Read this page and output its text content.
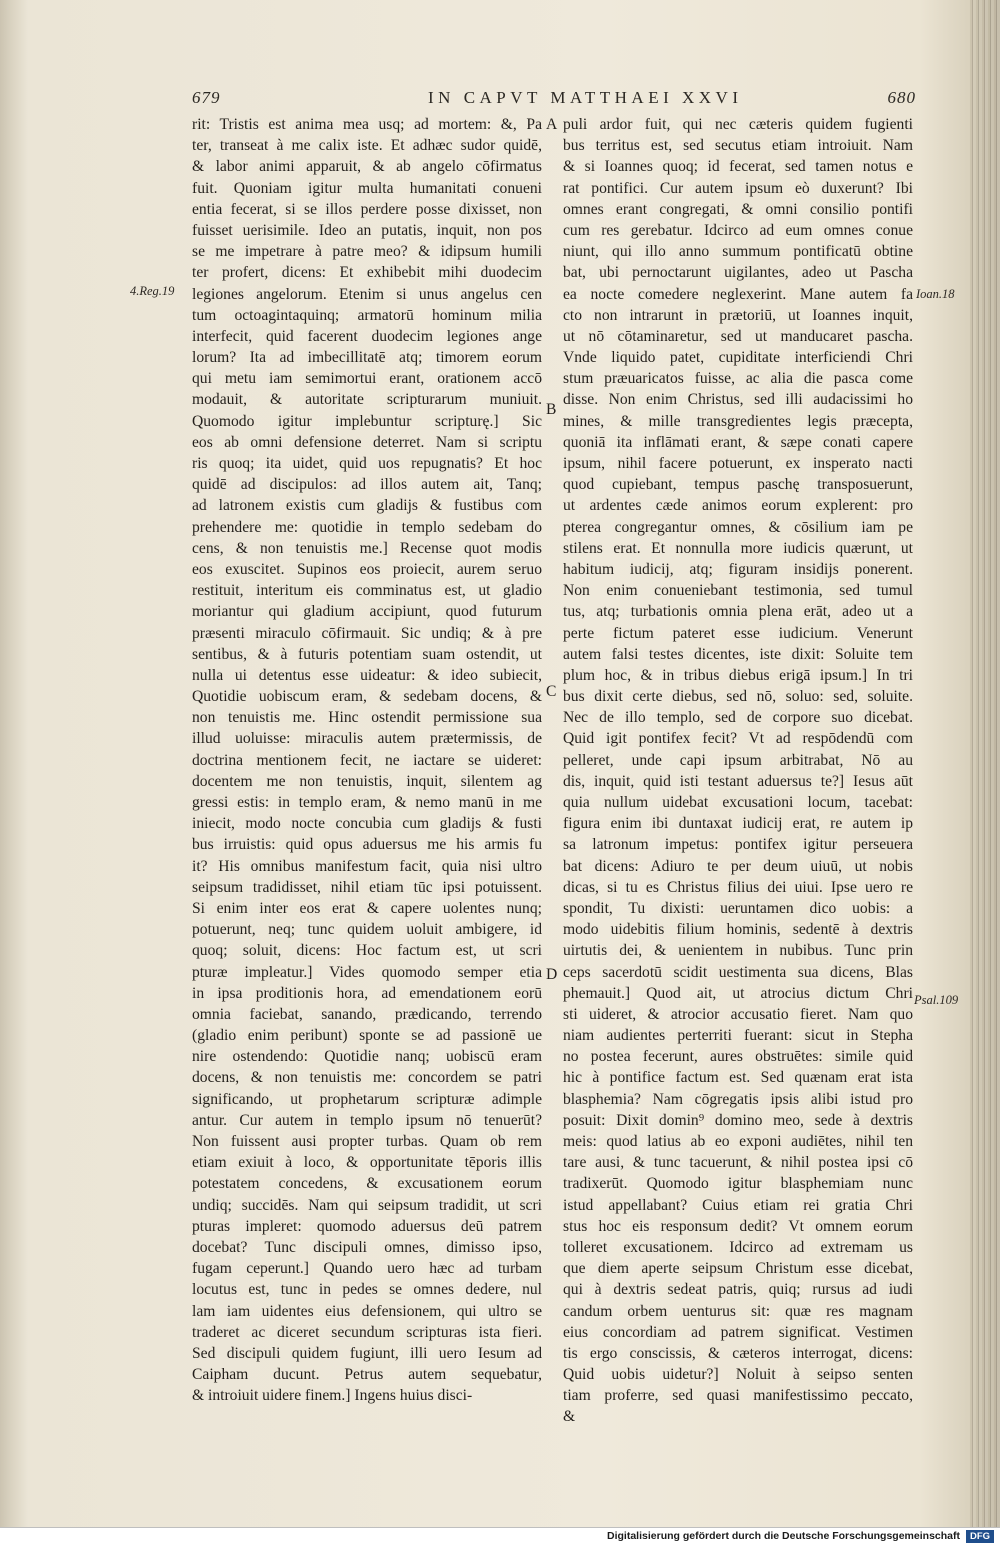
679	IN CAPVT MATTHAEI XXVI	680
rit: Tristis est anima mea usq; ad mortem: &, Pa
ter, transeat à me calix iste. Et adhæc sudor quidē,
& labor animi apparuit, & ab angelo cōfirmatus
fuit. Quoniam igitur multa humanitati conueni
entia fecerat, si se illos perdere posse dixisset, non
fuisset uerisimile. Ideo an putatis, inquit, non pos
se me impetrare à patre meo? & idipsum humili
ter profert, dicens: Et exhibebit mihi duodecim
legiones angelorum. Etenim si unus angelus cen
tum octoagintaquinq; armatorū hominum milia
interfecit, quid facerent duodecim legiones ange
lorum? Ita ad imbecillitatē atq; timorem eorum
qui metu iam semimortui erant, orationem accō
modauit, & autoritate scripturarum muniuit.
Quomodo igitur implebuntur scripturę.] Sic
eos ab omni defensione deterret. Nam si scriptu
ris quoq; ita uidet, quid uos repugnatis? Et hoc
quidē ad discipulos: ad illos autem ait, Tanq;
ad latronem existis cum gladijs & fustibus com
prehendere me: quotidie in templo sedebam do
cens, & non tenuistis me.] Recense quot modis
eos exuscitet. Supinos eos proiecit, aurem seruo
restituit, interitum eis comminatus est, ut gladio
moriantur qui gladium accipiunt, quod futurum
præsenti miraculo cōfirmauit. Sic undiq; & à pre
sentibus, & à futuris potentiam suam ostendit, ut
nulla ui detentus esse uideatur: & ideo subiecit,
Quotidie uobiscum eram, & sedebam docens, &
non tenuistis me. Hinc ostendit permissione sua
illud uoluisse: miraculis autem prætermissis, de
doctrina mentionem fecit, ne iactare se uideret:
docentem me non tenuistis, inquit, silentem ag
gressi estis: in templo eram, & nemo manū in me
iniecit, modo nocte concubia cum gladijs & fusti
bus irruistis: quid opus aduersus me his armis fu
it? His omnibus manifestum facit, quia nisi ultro
seipsum tradidisset, nihil etiam tūc ipsi potuissent.
Si enim inter eos erat & capere uolentes nunq;
potuerunt, neq; tunc quidem uoluit ambigere, id
quoq; soluit, dicens: Hoc factum est, ut scri
pturæ impleatur.] Vides quomodo semper etia
in ipsa proditionis hora, ad emendationem eorū
omnia faciebat, sanando, prædicando, terrendo
(gladio enim peribunt) sponte se ad passionē ue
nire ostendendo: Quotidie nanq; uobiscū eram
docens, & non tenuistis me: concordem se patri
significando, ut prophetarum scripturæ adimple
antur. Cur autem in templo ipsum nō tenuerūt?
Non fuissent ausi propter turbas. Quam ob rem
etiam exiuit à loco, & opportunitate tēporis illis
potestatem concedens, & excusationem eorum
undiq; succidēs. Nam qui seipsum tradidit, ut scri
pturas impleret: quomodo aduersus deū patrem
docebat? Tunc discipuli omnes, dimisso ipso,
fugam ceperunt.] Quando uero hæc ad turbam
locutus est, tunc in pedes se omnes dedere, nul
lam iam uidentes eius defensionem, qui ultro se
traderet ac diceret secundum scripturas ista fieri.
Sed discipuli quidem fugiunt, illi uero Iesum ad
Caipham ducunt. Petrus autem sequebatur,
& introiuit uidere finem.] Ingens huius disci-
puli ardor fuit, qui nec cæteris quidem fugienti
bus territus est, sed secutus etiam introiuit. Nam
& si Ioannes quoq; id fecerat, sed tamen notus e
rat pontifici. Cur autem ipsum eò duxerunt? Ibi
omnes erant congregati, & omni consilio pontifi
cum res gerebatur. Idcirco ad eum omnes conue
niunt, qui illo anno summum pontificatū obtine
bat, ubi pernoctarunt uigilantes, adeo ut Pascha
ea nocte comedere neglexerint. Mane autem fa
cto non intrarunt in prætoriū, ut Ioannes inquit,
ut nō cōtaminaretur, sed ut manducaret pascha.
Vnde liquido patet, cupiditate interficiendi Chri
stum præuaricatos fuisse, ac alia die pasca come
disse. Non enim Christus, sed illi audacissimi ho
mines, & mille transgredientes legis præcepta,
quoniā ita inflāmati erant, & sæpe conati capere
ipsum, nihil facere potuerunt, ex insperato nacti
quod cupiebant, tempus paschę transposuerunt,
ut ardentes cæde animos eorum explerent: pro
pterea congregantur omnes, & cōsilium iam pe
stilens erat. Et nonnulla more iudicis quærunt, ut
habitum iudicij, atq; figuram insidijs ponerent.
Non enim conueniebant testimonia, sed tumul
tus, atq; turbationis omnia plena erāt, adeo ut a
perte fictum pateret esse iudicium. Venerunt
autem falsi testes dicentes, iste dixit: Soluite tem
plum hoc, & in tribus diebus erigā ipsum.] In tri
bus dixit certe diebus, sed nō, soluo: sed, soluite.
Nec de illo templo, sed de corpore suo dicebat.
Quid igit pontifex fecit? Vt ad respōdendū com
pelleret, unde capi ipsum arbitrabat, Nō au
dis, inquit, quid isti testant aduersus te?] Iesus aūt
quia nullum uidebat excusationi locum, tacebat:
figura enim ibi duntaxat iudicij erat, re autem ip
sa latronum impetus: pontifex igitur perseuera
bat dicens: Adiuro te per deum uiuū, ut nobis
dicas, si tu es Christus filius dei uiui. Ipse uero re
spondit, Tu dixisti: ueruntamen dico uobis: a
modo uidebitis filium hominis, sedentē à dextris
uirtutis dei, & uenientem in nubibus. Tunc prin
ceps sacerdotū scidit uestimenta sua dicens, Blas
phemauit.] Quod ait, ut atrocius dictum Chri
sti uideret, & atrocior accusatio fieret. Nam quo
niam audientes perterriti fuerant: sicut in Stepha
no postea fecerunt, aures obstruētes: simile quid
hic à pontifice factum est. Sed quænam erat ista
blasphemia? Nam cōgregatis ipsis alibi istud pro
posuit: Dixit domin⁹ domino meo, sede à dextris
meis: quod latius ab eo exponi audiētes, nihil ten
tare ausi, & tunc tacuerunt, & nihil postea ipsi cō
tradixerūt. Quomodo igitur blasphemiam nunc
istud appellabant? Cuius etiam rei gratia Chri
stus hoc eis responsum dedit? Vt omnem eorum
tolleret excusationem. Idcirco ad extremam us
que diem aperte seipsum Christum esse dicebat,
qui à dextris sedeat patris, quiq; rursus ad iudi
candum orbem uenturus sit: quæ res magnam
eius concordiam ad patrem significat. Vestimen
tis ergo conscissis, & cæteros interrogat, dicens:
Quid uobis uidetur?] Noluit à seipso senten
tiam proferre, sed quasi manifestissimo peccato,
&
A
B
C
D
4.Reg.19	Ioan.18
Psal.109
Digitalisierung gefördert durch die Deutsche Forschungsgemeinschaft	DFG
